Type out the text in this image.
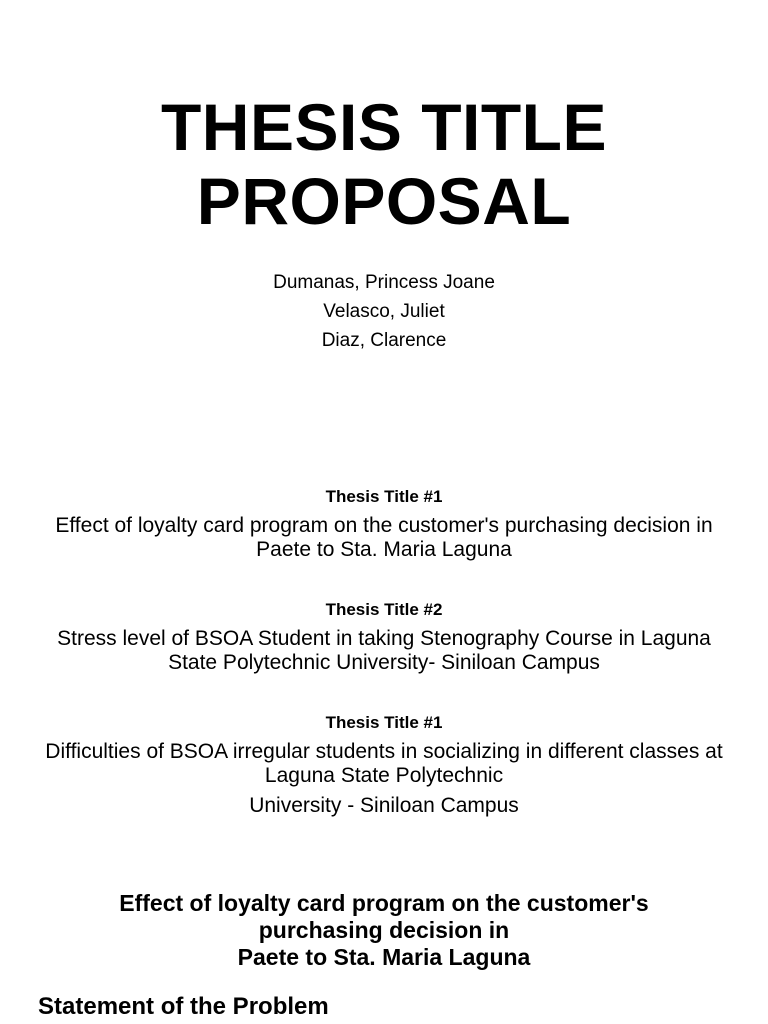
THESIS TITLE
PROPOSAL
Dumanas, Princess Joane
Velasco, Juliet
Diaz, Clarence
Thesis Title #1
Effect of loyalty card program on the customer's purchasing decision in Paete to Sta. Maria Laguna
Thesis Title #2
Stress level of BSOA Student in taking Stenography Course in Laguna State Polytechnic University- Siniloan Campus
Thesis Title #1
Difficulties of BSOA irregular students in socializing in different classes at Laguna State Polytechnic
University - Siniloan Campus
Effect of loyalty card program on the customer's
purchasing decision in
Paete to Sta. Maria Laguna
Statement of the Problem
